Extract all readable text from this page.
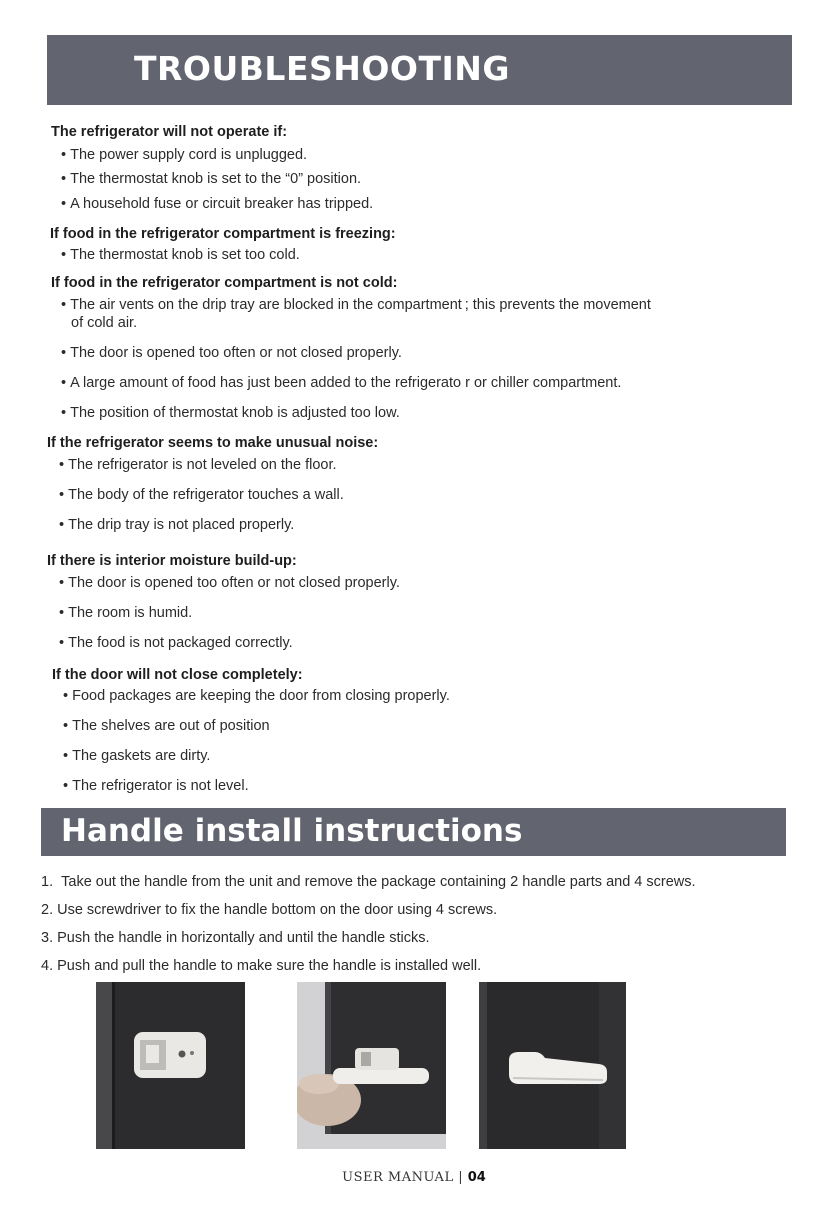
TROUBLESHOOTING
The refrigerator will not operate if:
• The power supply cord is unplugged.
• The thermostat knob is set to the “0” position.
• A household fuse or circuit breaker has tripped.
If food in the refrigerator compartment is freezing:
• The thermostat knob is set too cold.
If food in the refrigerator compartment is not cold:
• The air vents on the drip tray are blocked in the compartment ; this prevents the movement
of cold air.
• The door is opened too often or not closed properly.
• A large amount of food has just been added to the refrigerato r or chiller compartment.
• The position of thermostat knob is adjusted too low.
If the refrigerator seems to make unusual noise:
• The refrigerator is not leveled on the floor.
• The body of the refrigerator touches a wall.
• The drip tray is not placed properly.
If there is interior moisture build-up:
• The door is opened too often or not closed properly.
• The room is humid.
• The food is not packaged correctly.
If the door will not close completely:
• Food packages are keeping the door from closing properly.
• The shelves are out of position
• The gaskets are dirty.
• The refrigerator is not level.
Handle install instructions
1.  Take out the handle from the unit and remove the package containing 2 handle parts and 4 screws.
2. Use screwdriver to fix the handle bottom on the door using 4 screws.
3. Push the handle in horizontally and until the handle sticks.
4. Push and pull the handle to make sure the handle is installed well.
USER MANUAL | 04
